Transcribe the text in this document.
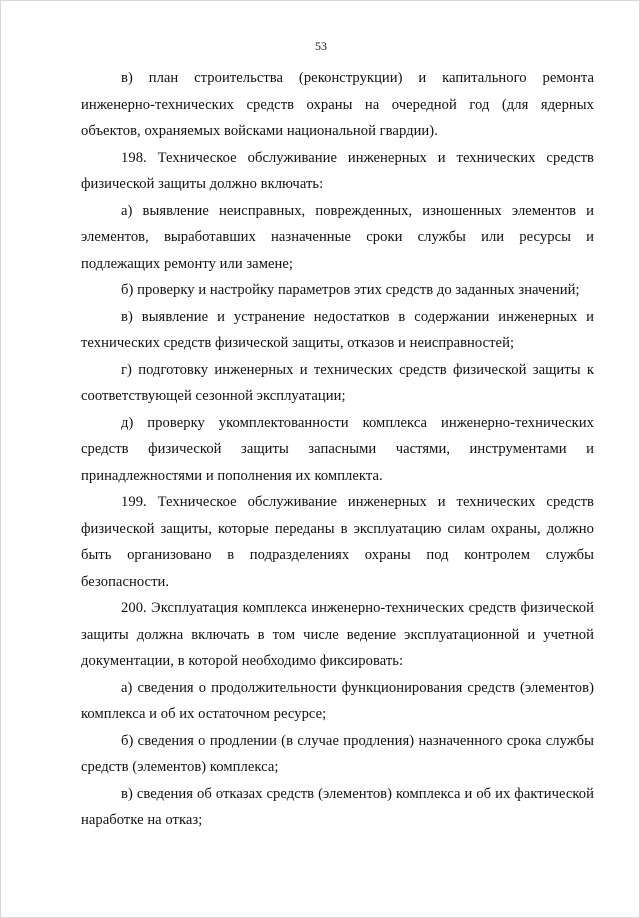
53

в) план строительства (реконструкции) и капитального ремонта инженерно-технических средств охраны на очередной год (для ядерных объектов, охраняемых войсками национальной гвардии).

198. Техническое обслуживание инженерных и технических средств физической защиты должно включать:

а) выявление неисправных, поврежденных, изношенных элементов и элементов, выработавших назначенные сроки службы или ресурсы и подлежащих ремонту или замене;

б) проверку и настройку параметров этих средств до заданных значений;

в) выявление и устранение недостатков в содержании инженерных и технических средств физической защиты, отказов и неисправностей;

г) подготовку инженерных и технических средств физической защиты к соответствующей сезонной эксплуатации;

д) проверку укомплектованности комплекса инженерно-технических средств физической защиты запасными частями, инструментами и принадлежностями и пополнения их комплекта.

199. Техническое обслуживание инженерных и технических средств физической защиты, которые переданы в эксплуатацию силам охраны, должно быть организовано в подразделениях охраны под контролем службы безопасности.

200. Эксплуатация комплекса инженерно-технических средств физической защиты должна включать в том числе ведение эксплуатационной и учетной документации, в которой необходимо фиксировать:

а) сведения о продолжительности функционирования средств (элементов) комплекса и об их остаточном ресурсе;

б) сведения о продлении (в случае продления) назначенного срока службы средств (элементов) комплекса;

в) сведения об отказах средств (элементов) комплекса и об их фактической наработке на отказ;
